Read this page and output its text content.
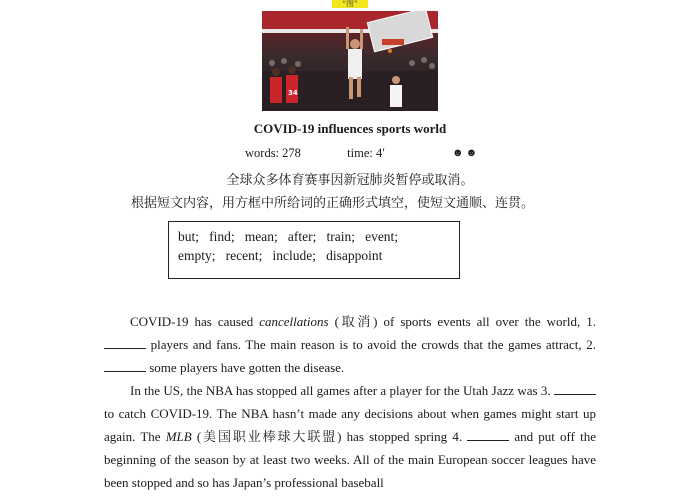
“图”
34
COVID-19 influences sports world
words: 278	time: 4′	☻☻
全球众多体育赛事因新冠肺炎暂停或取消。
根据短文内容，用方框中所给词的正确形式填空，使短文通顺、连贯。
but;   find;   mean;   after;   train;   event;
empty;   recent;   include;   disappoint
COVID-19 has caused cancellations (取消) of sports events all over the world, 1.  players and fans. The main reason is to avoid the crowds that the games attract, 2.  some players have gotten the disease.
In the US, the NBA has stopped all games after a player for the Utah Jazz was 3.  to catch COVID-19. The NBA hasn’t made any decisions about when games might start up again. The MLB (美国职业棒球大联盟) has stopped spring 4.	and put off the beginning of the season by at least two weeks. All of the main European soccer leagues have been stopped and so has Japan’s professional baseball
